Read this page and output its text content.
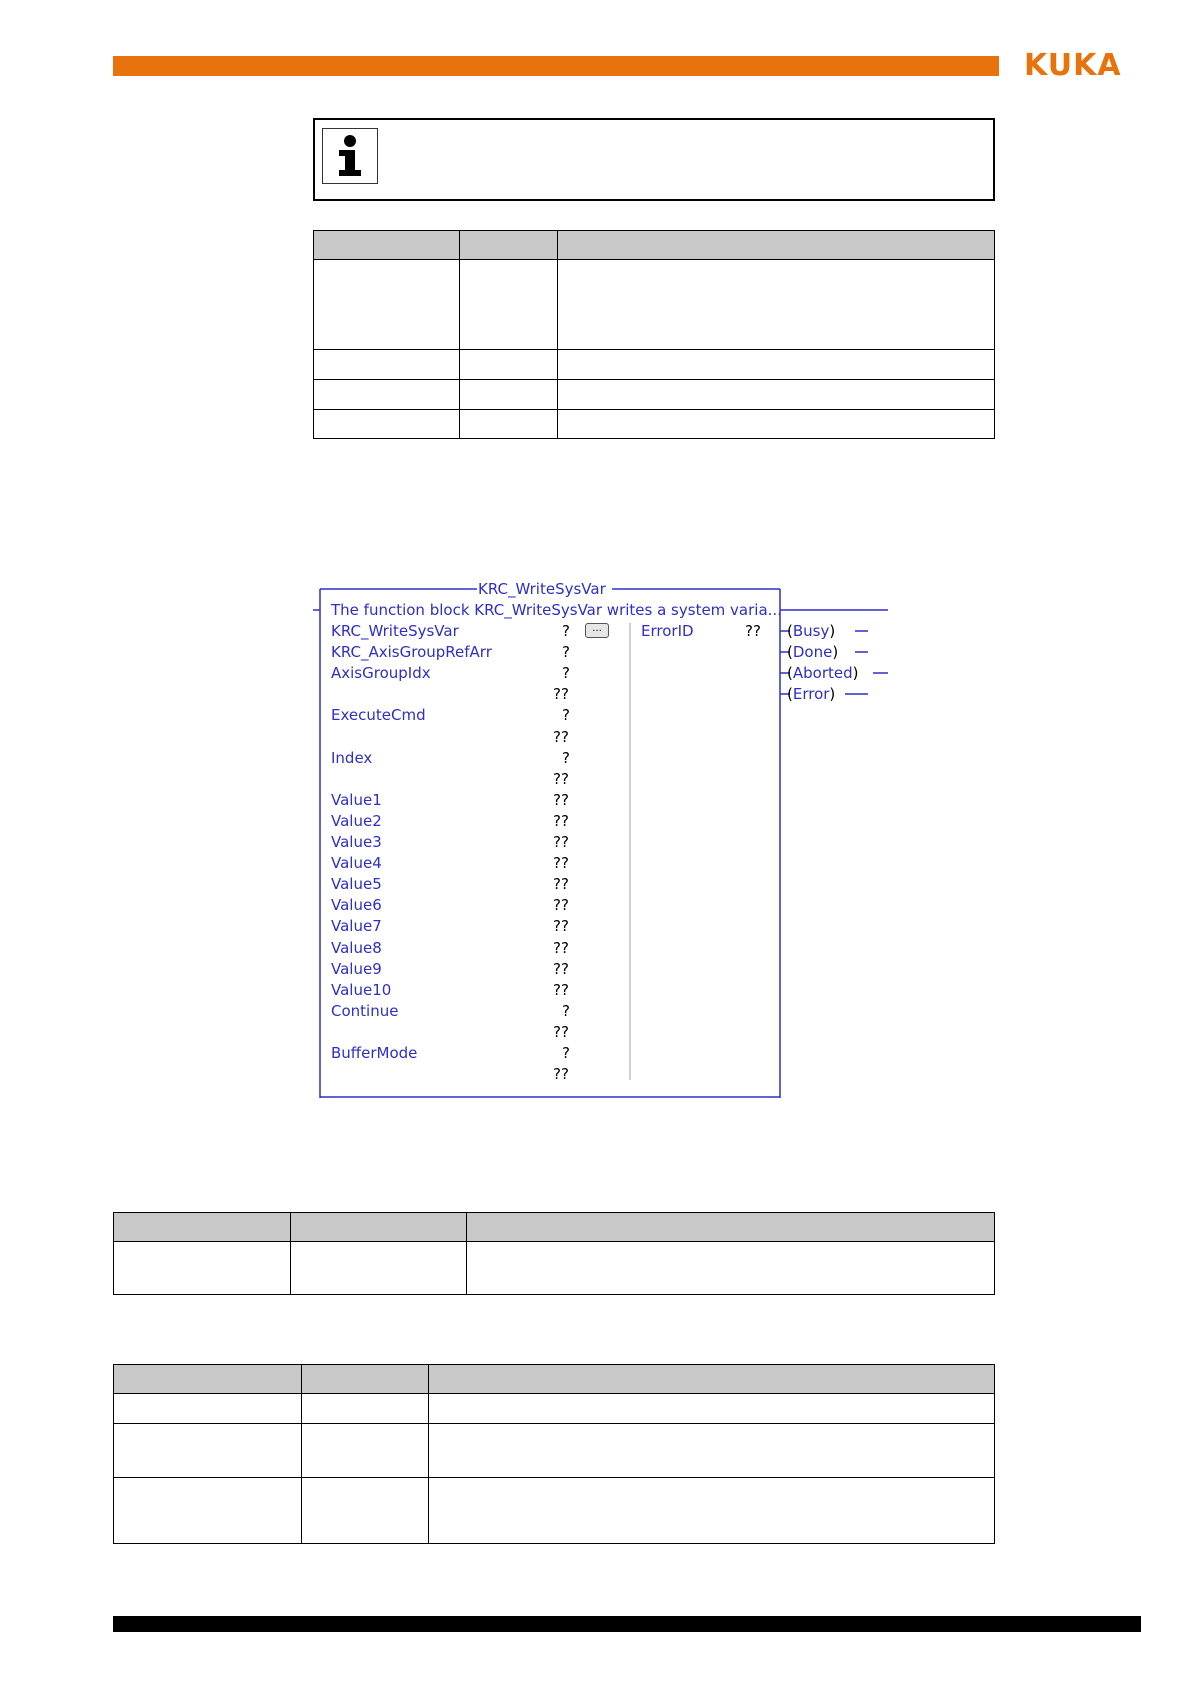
KUKA

KRC_WriteSysVar
The function block KRC_WriteSysVar writes a system varia...
...	ErrorID	??
KRC_WriteSysVar	?
KRC_AxisGroupRefArr	?
AxisGroupIdx	?
??
ExecuteCmd	?
??
Index	?
??
Value1	??
Value2	??
Value3	??
Value4	??
Value5	??
Value6	??
Value7	??
Value8	??
Value9	??
Value10	??
Continue	?
??
BufferMode	?
??
(Busy)
(Done)
(Aborted)
(Error)
